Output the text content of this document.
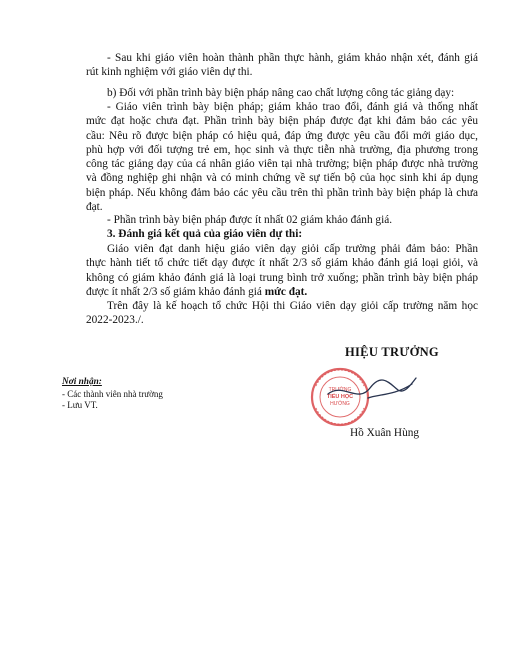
- Sau khi giáo viên hoàn thành phần thực hành, giám khảo nhận xét, đánh giá
rút kinh nghiệm với giáo viên dự thi.

b) Đối với phần trình bày biện pháp nâng cao chất lượng công tác giảng dạy:

- Giáo viên trình bày biện pháp; giám khảo trao đổi, đánh giá và thống nhất
mức đạt hoặc chưa đạt. Phần trình bày biện pháp được đạt khi đảm bảo các yêu
cầu: Nêu rõ được biện pháp có hiệu quả, đáp ứng được yêu cầu đổi mới giáo dục,
phù hợp với đối tượng trẻ em, học sinh và thực tiễn nhà trường, địa phương trong
công tác giảng dạy của cá nhân giáo viên tại nhà trường; biện pháp được nhà trường
và đồng nghiệp ghi nhận và có minh chứng về sự tiến bộ của học sinh khi áp dụng
biện pháp. Nếu không đảm bảo các yêu cầu trên thì phần trình bày biện pháp là chưa
đạt.

- Phần trình bày biện pháp được ít nhất 02 giám khảo đánh giá.

3. Đánh giá kết quả của giáo viên dự thi:

Giáo viên đạt danh hiệu giáo viên dạy giỏi cấp trường phải đảm bảo: Phần
thực hành tiết tổ chức tiết dạy được ít nhất 2/3 số giám khảo đánh giá loại giỏi, và
không có giám khảo đánh giá là loại trung bình trở xuống; phần trình bày biện pháp
được ít nhất 2/3 số giám khảo đánh giá mức đạt.

Trên đây là kế hoạch tổ chức Hội thi Giáo viên dạy giỏi cấp trường năm học
2022-2023./.

Nơi nhận:
- Các thành viên nhà trường
- Lưu VT.
HIỆU TRƯỞNG
TRƯỜNG
TIỂU HỌC
HƯỚNG
Hồ Xuân Hùng
